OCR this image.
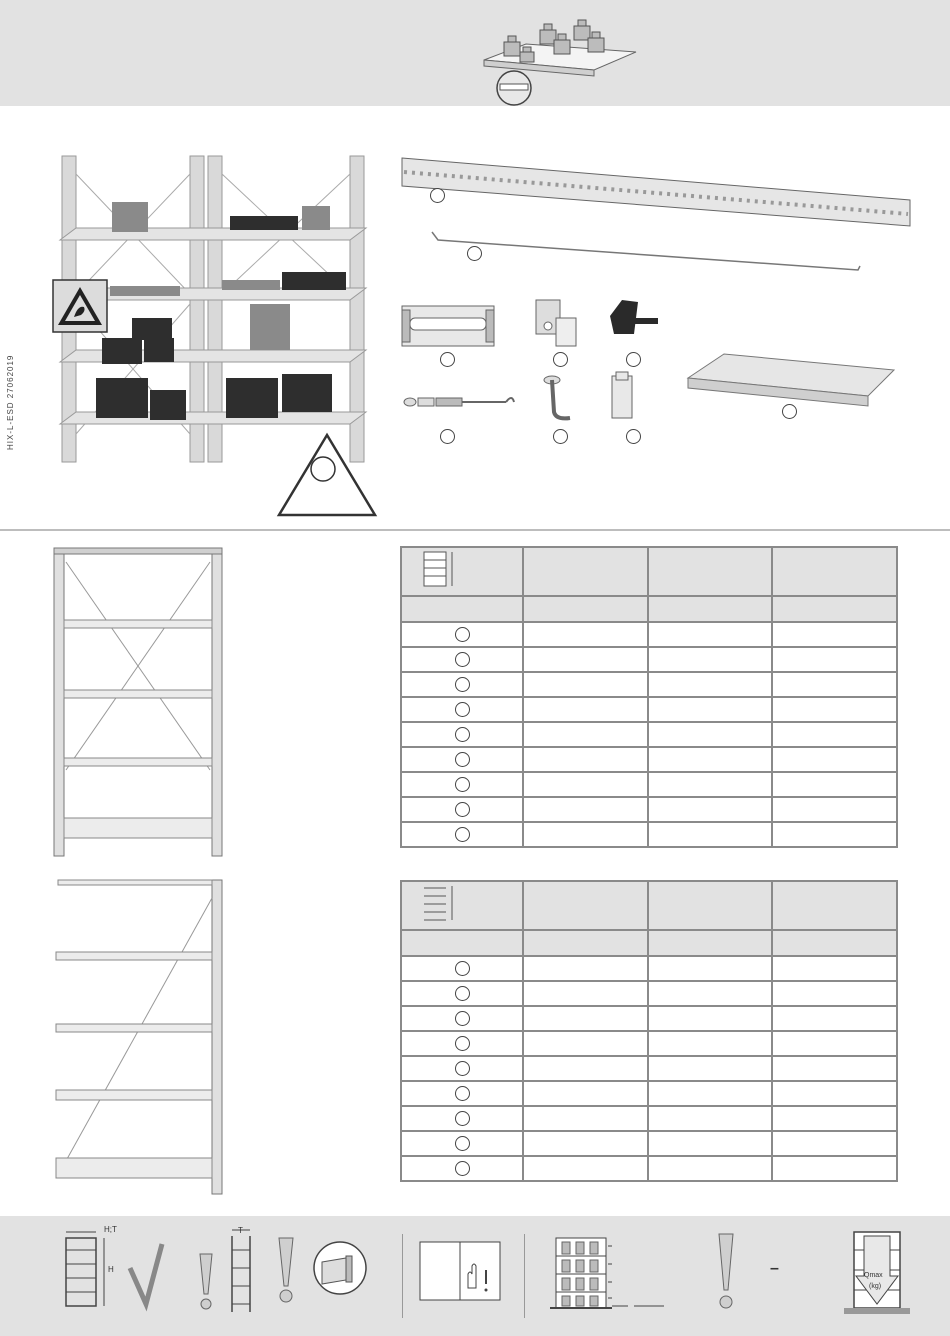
HIX-L-ESD 27062019

H;T
H
T
–	Qmax
(kg)
